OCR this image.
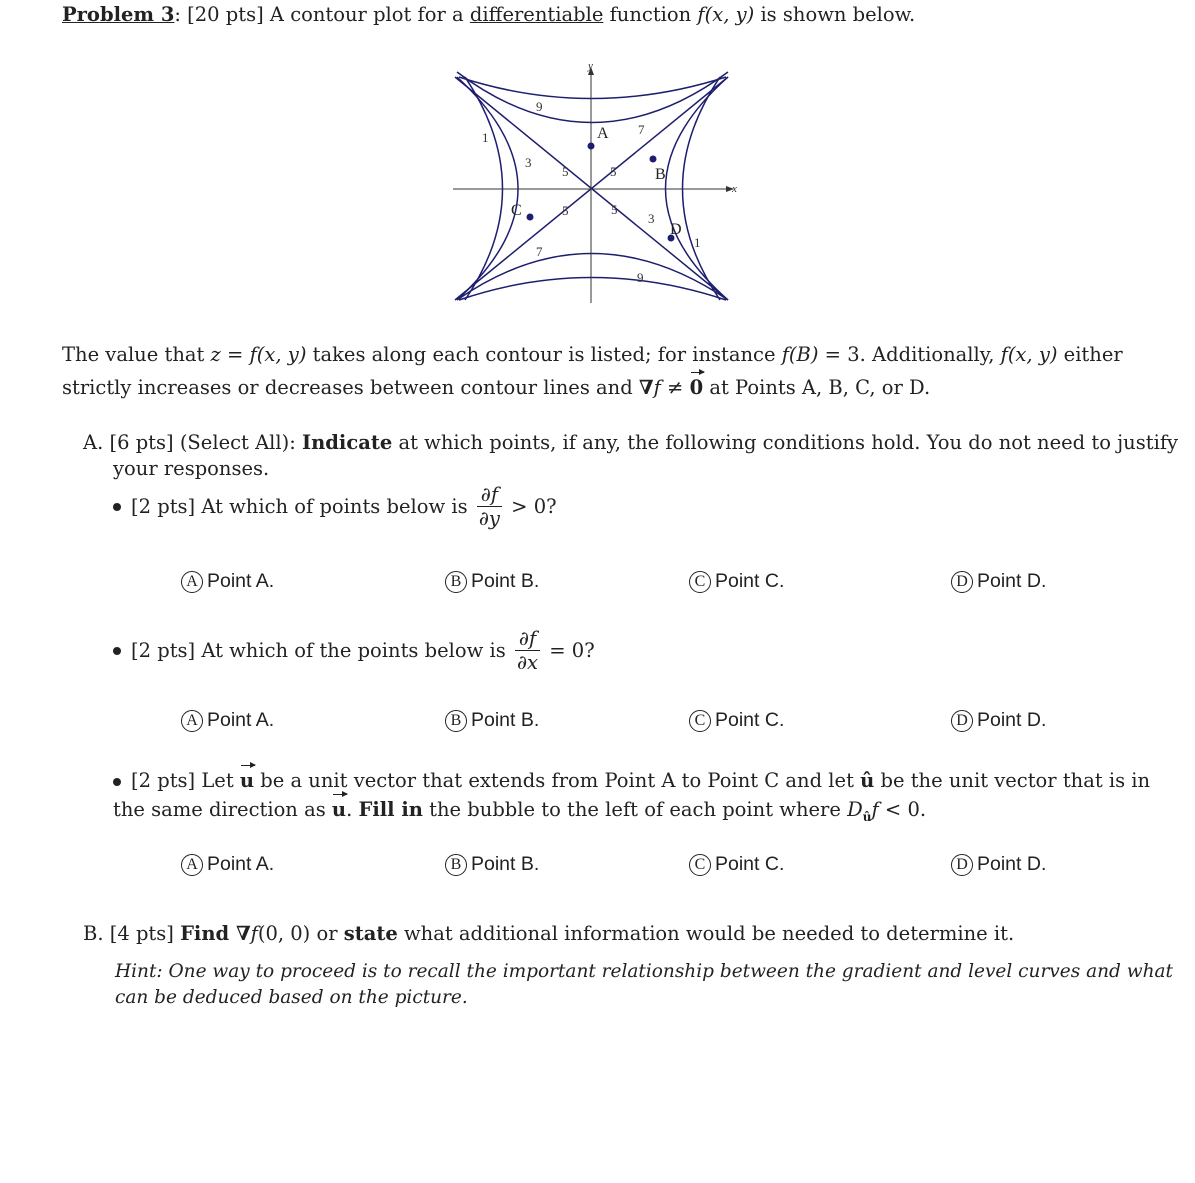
Problem 3: [20 pts] A contour plot for a differentiable function f(x, y) is shown below.
x
y
A
B
C
D
9
1
3
5	5
7
5	5
3
1
7
9
The value that z = f(x, y) takes along each contour is listed; for instance f(B) = 3. Additionally, f(x, y) either
strictly increases or decreases between contour lines and ∇f ≠ 0 at Points A, B, C, or D.
A. [6 pts] (Select All): Indicate at which points, if any, the following conditions hold. You do not need to justify
your responses.
[2 pts] At which of points below is $\frac{\partial f}{\partial y} > 0$?
A Point A.	B Point B.	C Point C.	D Point D.
[2 pts] At which of the points below is $\frac{\partial f}{\partial x} = 0$?
A Point A.	B Point B.	C Point C.	D Point D.
[2 pts] Let u be a unit vector that extends from Point A to Point C and let û be the unit vector that is in
the same direction as u. Fill in the bubble to the left of each point where $D_ûf < 0$.
A Point A.	B Point B.	C Point C.	D Point D.
B. [4 pts] Find ∇f(0, 0) or state what additional information would be needed to determine it.
Hint: One way to proceed is to recall the important relationship between the gradient and level curves and what
can be deduced based on the picture.
